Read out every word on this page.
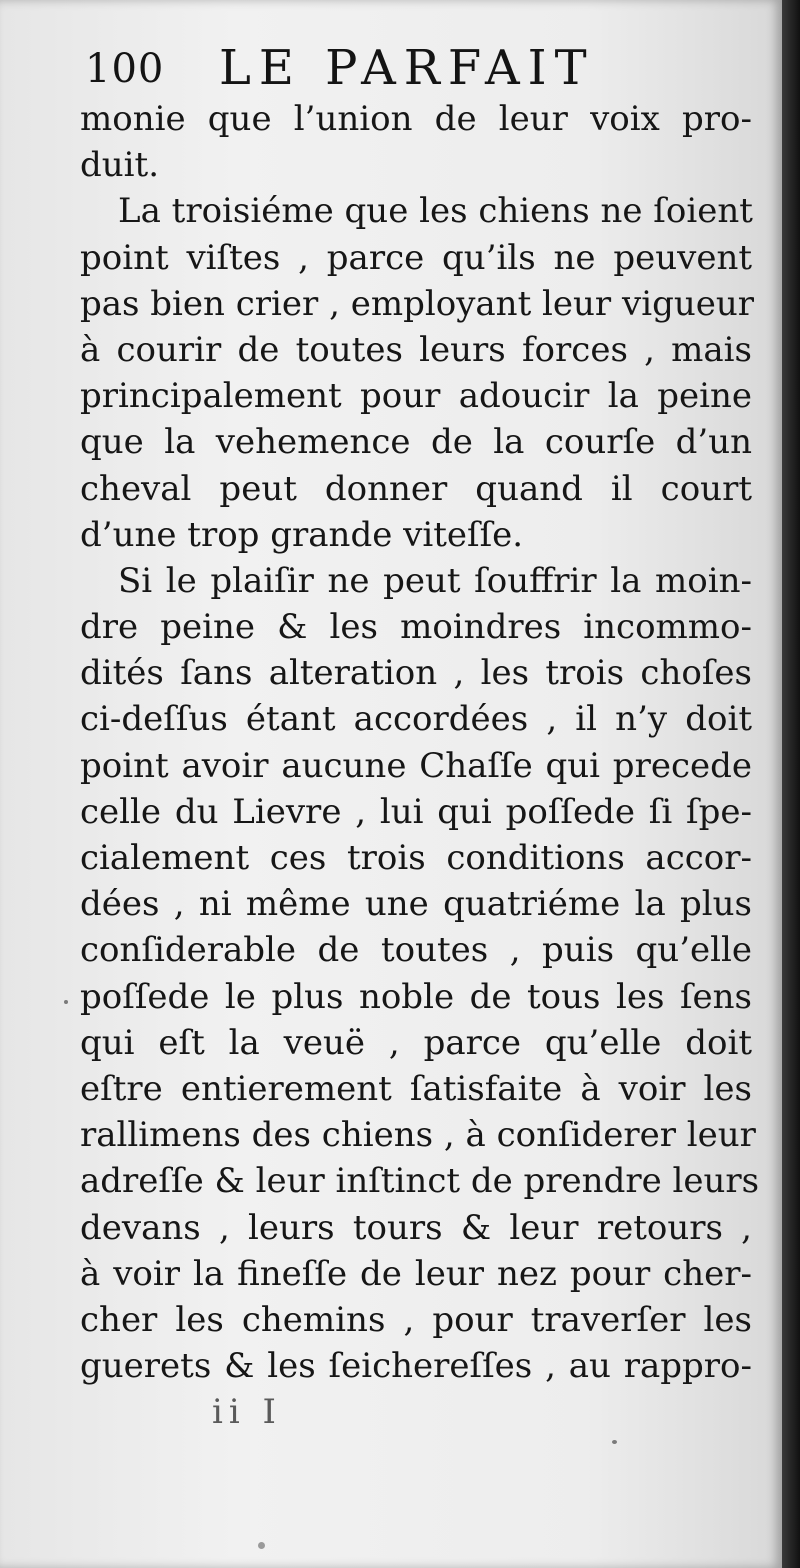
100 LE PARFAIT
monie que l’union de leur voix pro-
duit.
La troisiéme que les chiens ne ſoient
point viſtes , parce qu’ils ne peuvent
pas bien crier , employant leur vigueur
à courir de toutes leurs forces , mais
principalement pour adoucir la peine
que la vehemence de la courſe d’un
cheval peut donner quand il court
d’une trop grande viteſſe.
Si le plaiſir ne peut ſouffrir la moin-
dre peine & les moindres incommo-
dités ſans alteration , les trois choſes
ci-deſſus étant accordées , il n’y doit
point avoir aucune Chaſſe qui precede
celle du Lievre , lui qui poſſede ſi ſpe-
cialement ces trois conditions accor-
dées , ni même une quatriéme la plus
conſiderable de toutes , puis qu’elle
poſſede le plus noble de tous les ſens
qui eſt la veuë , parce qu’elle doit
eſtre entierement ſatisfaite à voir les
rallimens des chiens , à conſiderer leur
adreſſe & leur inſtinct de prendre leurs
devans , leurs tours & leur retours ,
à voir la fineſſe de leur nez pour cher-
cher les chemins , pour traverſer les
guerets & les ſeichereſſes , au rappro-
ii I
